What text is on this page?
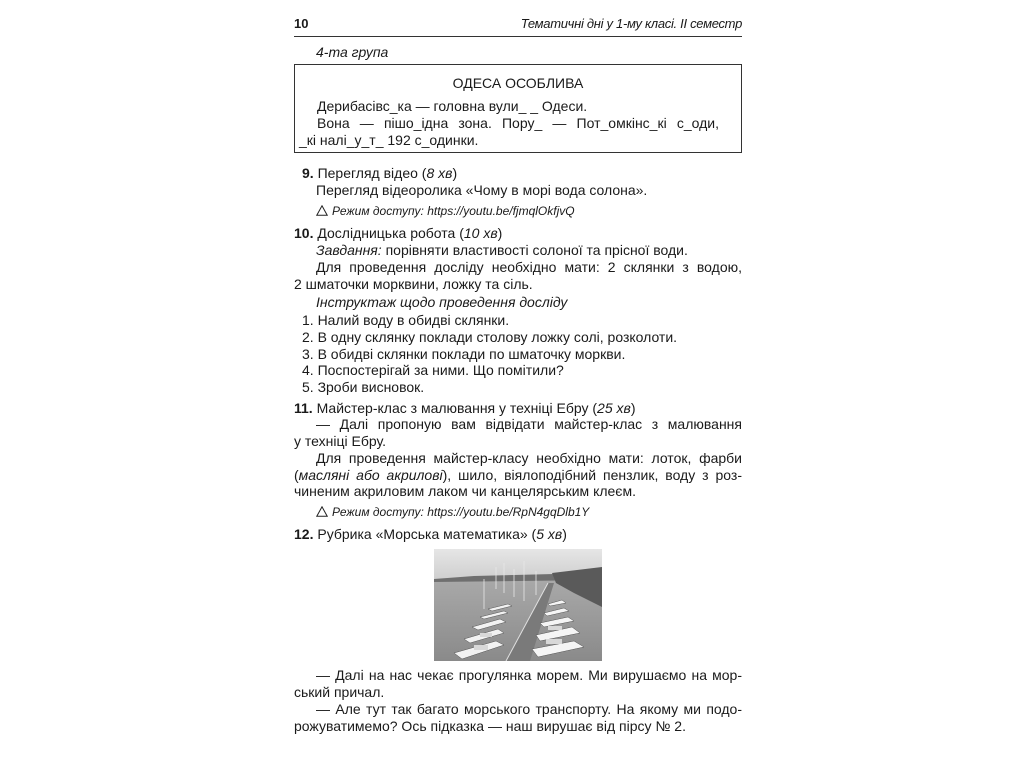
10	Тематичні дні у 1-му класі. ІІ семестр
4-та група
ОДЕСА ОСОБЛИВА
Дерибасівс_ка — головна вули_ _ Одеси.
Вона — пішо_ідна зона. Пору_ — Пот_омкінс_кі с_оди,
_кі налі_у_т_ 192 с_одинки.
9. Перегляд відео (8 хв)
Перегляд відеоролика «Чому в морі вода солона».
Режим доступу: https://youtu.be/fjmqlOkfjvQ
10. Дослідницька робота (10 хв)
Завдання: порівняти властивості солоної та прісної води.
Для проведення досліду необхідно мати: 2 склянки з водою,
2 шматочки морквини, ложку та сіль.
Інструктаж щодо проведення досліду
1. Налий воду в обидві склянки.
2. В одну склянку поклади столову ложку солі, розколоти.
3. В обидві склянки поклади по шматочку моркви.
4. Поспостерігай за ними. Що помітили?
5. Зроби висновок.
11. Майстер-клас з малювання у техніці Ебру (25 хв)
— Далі пропоную вам відвідати майстер-клас з малювання
у техніці Ебру.
Для проведення майстер-класу необхідно мати: лоток, фарби
(масляні або акрилові), шило, віялоподібний пензлик, воду з роз-
чиненим акриловим лаком чи канцелярським клеєм.
Режим доступу: https://youtu.be/RpN4gqDlb1Y
12. Рубрика «Морська математика» (5 хв)
— Далі на нас чекає прогулянка морем. Ми вирушаємо на мор-
ський причал.
— Але тут так багато морського транспорту. На якому ми подо-
рожуватимемо? Ось підказка — наш вирушає від пірсу № 2.
